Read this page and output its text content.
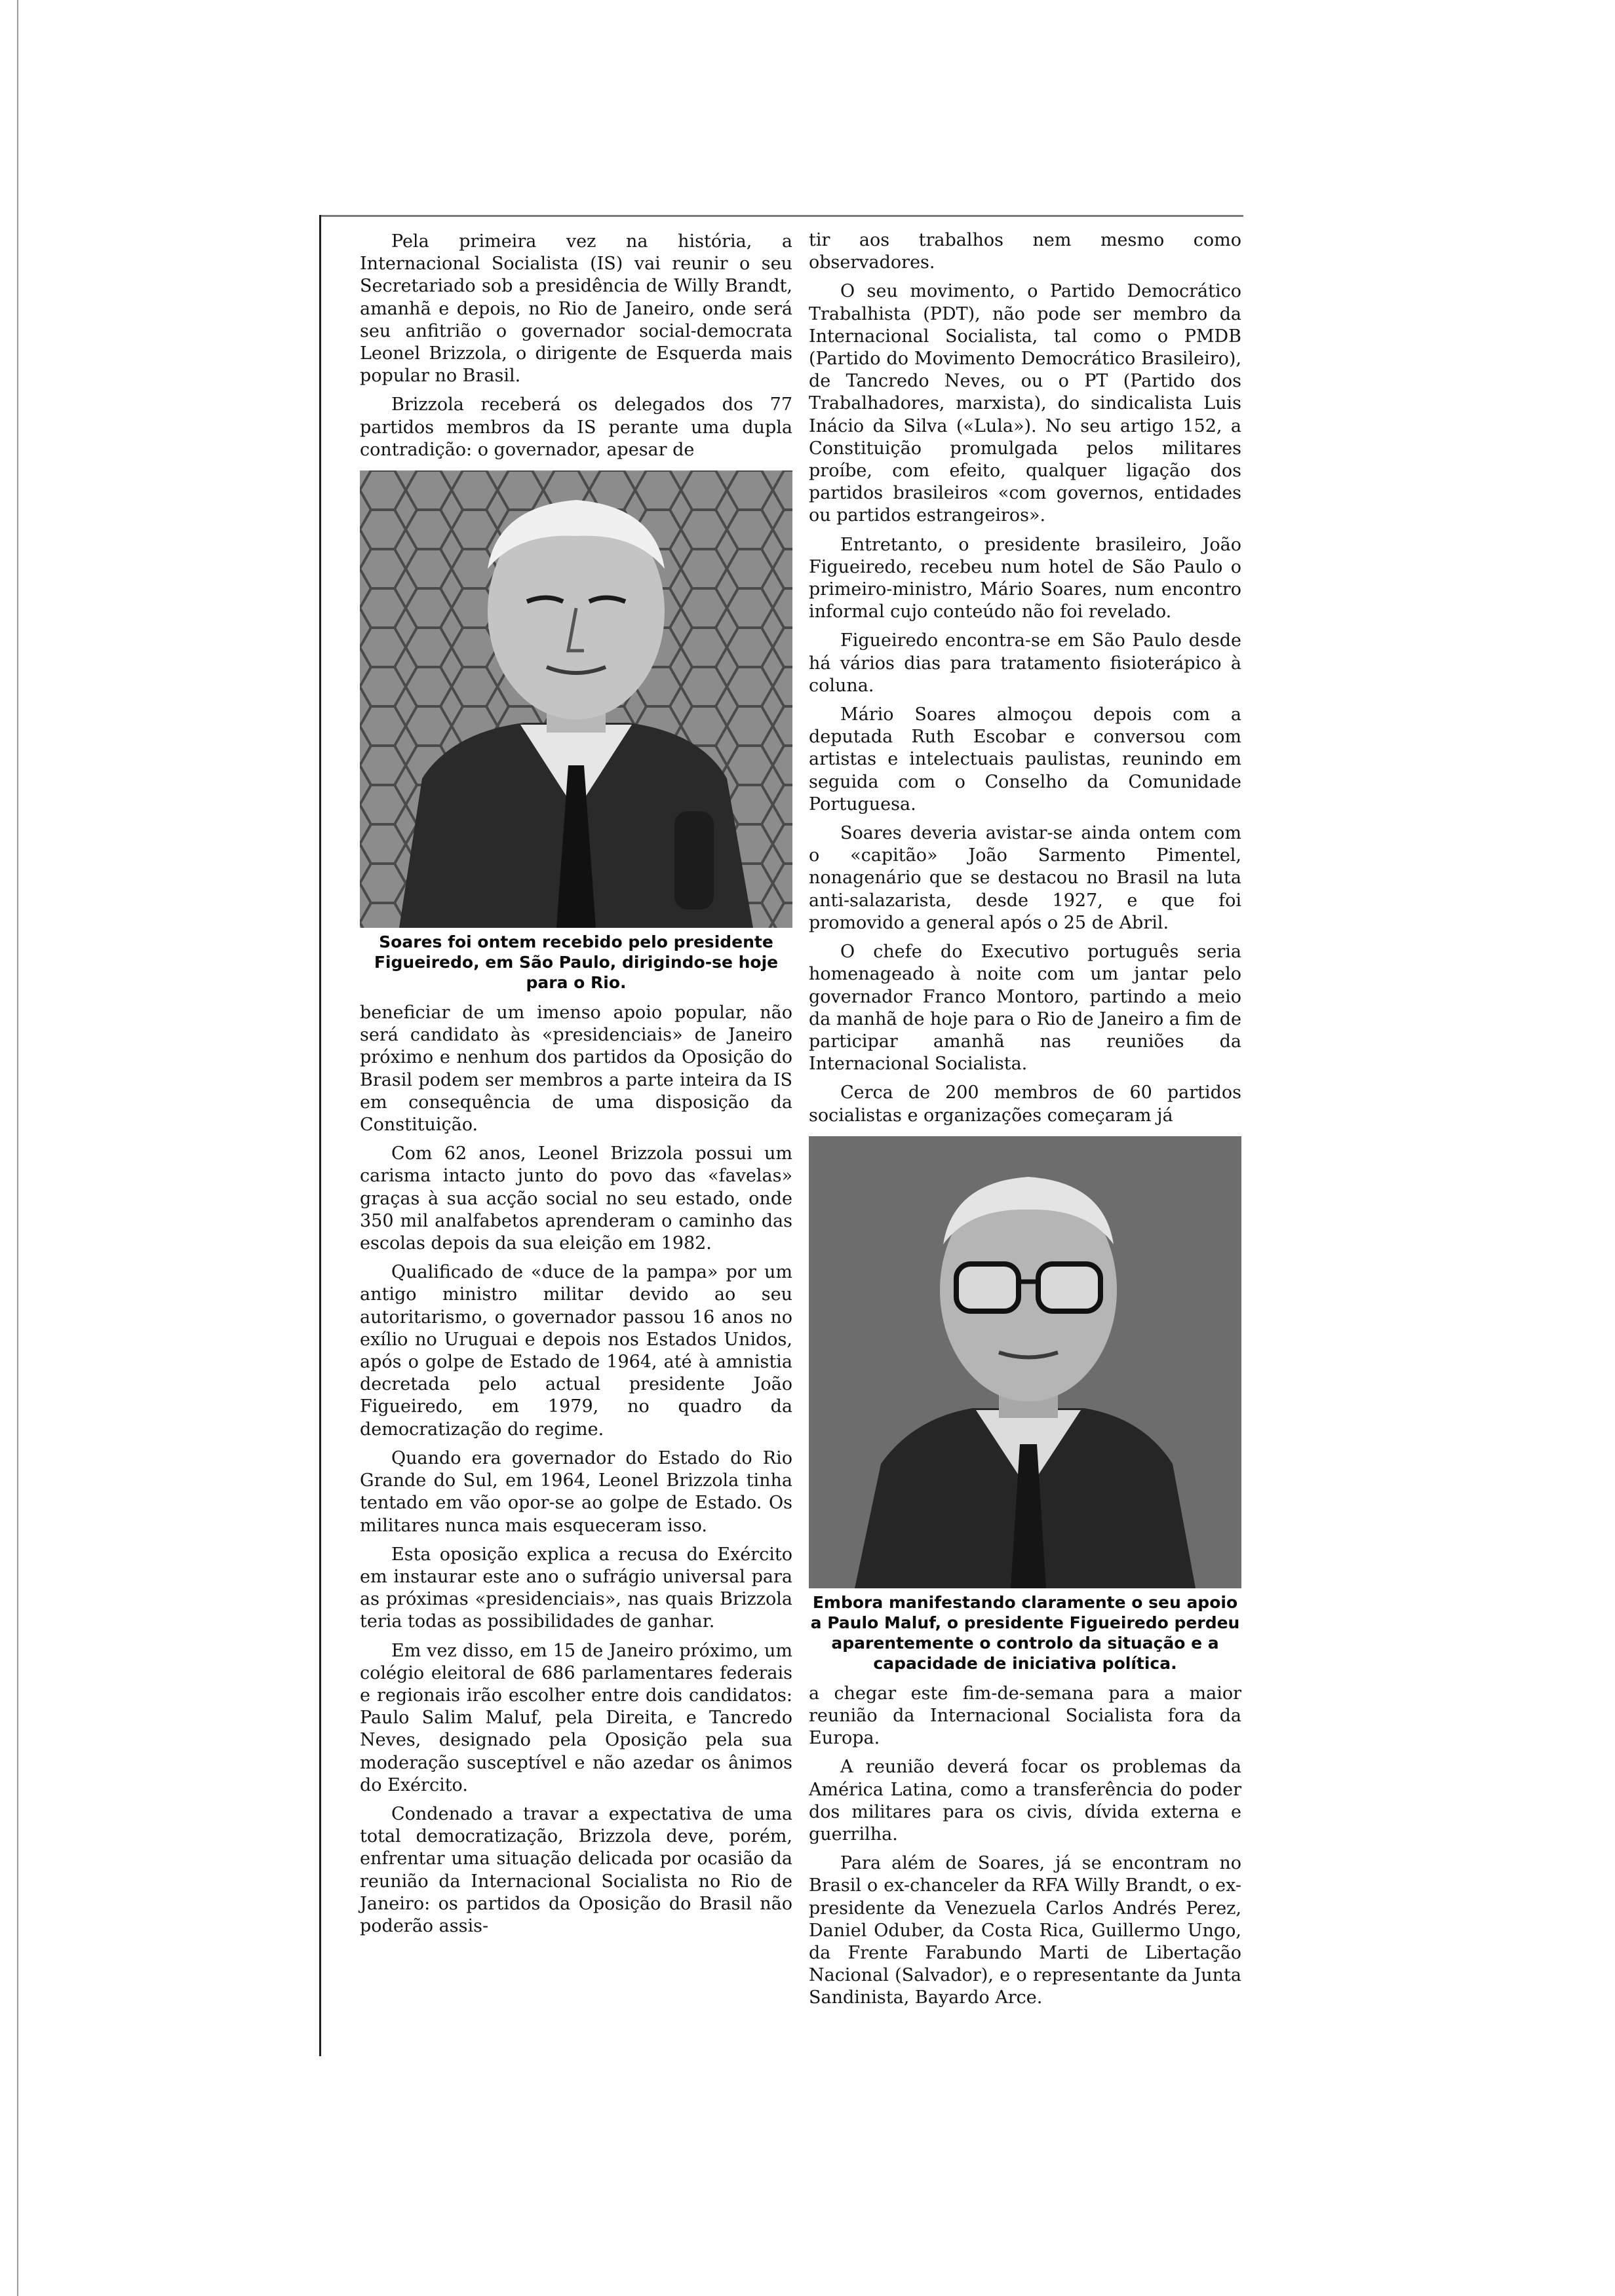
Pela primeira vez na história, a Internacional Socialista (IS) vai reunir o seu Secretariado sob a presidência de Willy Brandt, amanhã e depois, no Rio de Janeiro, onde será seu anfitrião o governador social-democrata Leonel Brizzola, o dirigente de Esquerda mais popular no Brasil.

Brizzola receberá os delegados dos 77 partidos membros da IS perante uma dupla contradição: o governador, apesar de

Soares foi ontem recebido pelo presidente Figueiredo, em São Paulo, dirigindo-se hoje para o Rio.

beneficiar de um imenso apoio popular, não será candidato às «presidenciais» de Janeiro próximo e nenhum dos partidos da Oposição do Brasil podem ser membros a parte inteira da IS em consequência de uma disposição da Constituição.

Com 62 anos, Leonel Brizzola possui um carisma intacto junto do povo das «favelas» graças à sua acção social no seu estado, onde 350 mil analfabetos aprenderam o caminho das escolas depois da sua eleição em 1982.

Qualificado de «duce de la pampa» por um antigo ministro militar devido ao seu autoritarismo, o governador passou 16 anos no exílio no Uruguai e depois nos Estados Unidos, após o golpe de Estado de 1964, até à amnistia decretada pelo actual presidente João Figueiredo, em 1979, no quadro da democratização do regime.

Quando era governador do Estado do Rio Grande do Sul, em 1964, Leonel Brizzola tinha tentado em vão opor-se ao golpe de Estado. Os militares nunca mais esqueceram isso.

Esta oposição explica a recusa do Exército em instaurar este ano o sufrágio universal para as próximas «presidenciais», nas quais Brizzola teria todas as possibilidades de ganhar.

Em vez disso, em 15 de Janeiro próximo, um colégio eleitoral de 686 parlamentares federais e regionais irão escolher entre dois candidatos: Paulo Salim Maluf, pela Direita, e Tancredo Neves, designado pela Oposição pela sua moderação susceptível e não azedar os ânimos do Exército.

Condenado a travar a expectativa de uma total democratização, Brizzola deve, porém, enfrentar uma situação delicada por ocasião da reunião da Internacional Socialista no Rio de Janeiro: os partidos da Oposição do Brasil não poderão assis-

tir aos trabalhos nem mesmo como observadores.

O seu movimento, o Partido Democrático Trabalhista (PDT), não pode ser membro da Internacional Socialista, tal como o PMDB (Partido do Movimento Democrático Brasileiro), de Tancredo Neves, ou o PT (Partido dos Trabalhadores, marxista), do sindicalista Luis Inácio da Silva («Lula»). No seu artigo 152, a Constituição promulgada pelos militares proíbe, com efeito, qualquer ligação dos partidos brasileiros «com governos, entidades ou partidos estrangeiros».

Entretanto, o presidente brasileiro, João Figueiredo, recebeu num hotel de São Paulo o primeiro-ministro, Mário Soares, num encontro informal cujo conteúdo não foi revelado.

Figueiredo encontra-se em São Paulo desde há vários dias para tratamento fisioterápico à coluna.

Mário Soares almoçou depois com a deputada Ruth Escobar e conversou com artistas e intelectuais paulistas, reunindo em seguida com o Conselho da Comunidade Portuguesa.

Soares deveria avistar-se ainda ontem com o «capitão» João Sarmento Pimentel, nonagenário que se destacou no Brasil na luta anti-salazarista, desde 1927, e que foi promovido a general após o 25 de Abril.

O chefe do Executivo português seria homenageado à noite com um jantar pelo governador Franco Montoro, partindo a meio da manhã de hoje para o Rio de Janeiro a fim de participar amanhã nas reuniões da Internacional Socialista.

Cerca de 200 membros de 60 partidos socialistas e organizações começaram já

Embora manifestando claramente o seu apoio a Paulo Maluf, o presidente Figueiredo perdeu aparentemente o controlo da situação e a capacidade de iniciativa política.

a chegar este fim-de-semana para a maior reunião da Internacional Socialista fora da Europa.

A reunião deverá focar os problemas da América Latina, como a transferência do poder dos militares para os civis, dívida externa e guerrilha.

Para além de Soares, já se encontram no Brasil o ex-chanceler da RFA Willy Brandt, o ex-presidente da Venezuela Carlos Andrés Perez, Daniel Oduber, da Costa Rica, Guillermo Ungo, da Frente Farabundo Marti de Libertação Nacional (Salvador), e o representante da Junta Sandinista, Bayardo Arce.
